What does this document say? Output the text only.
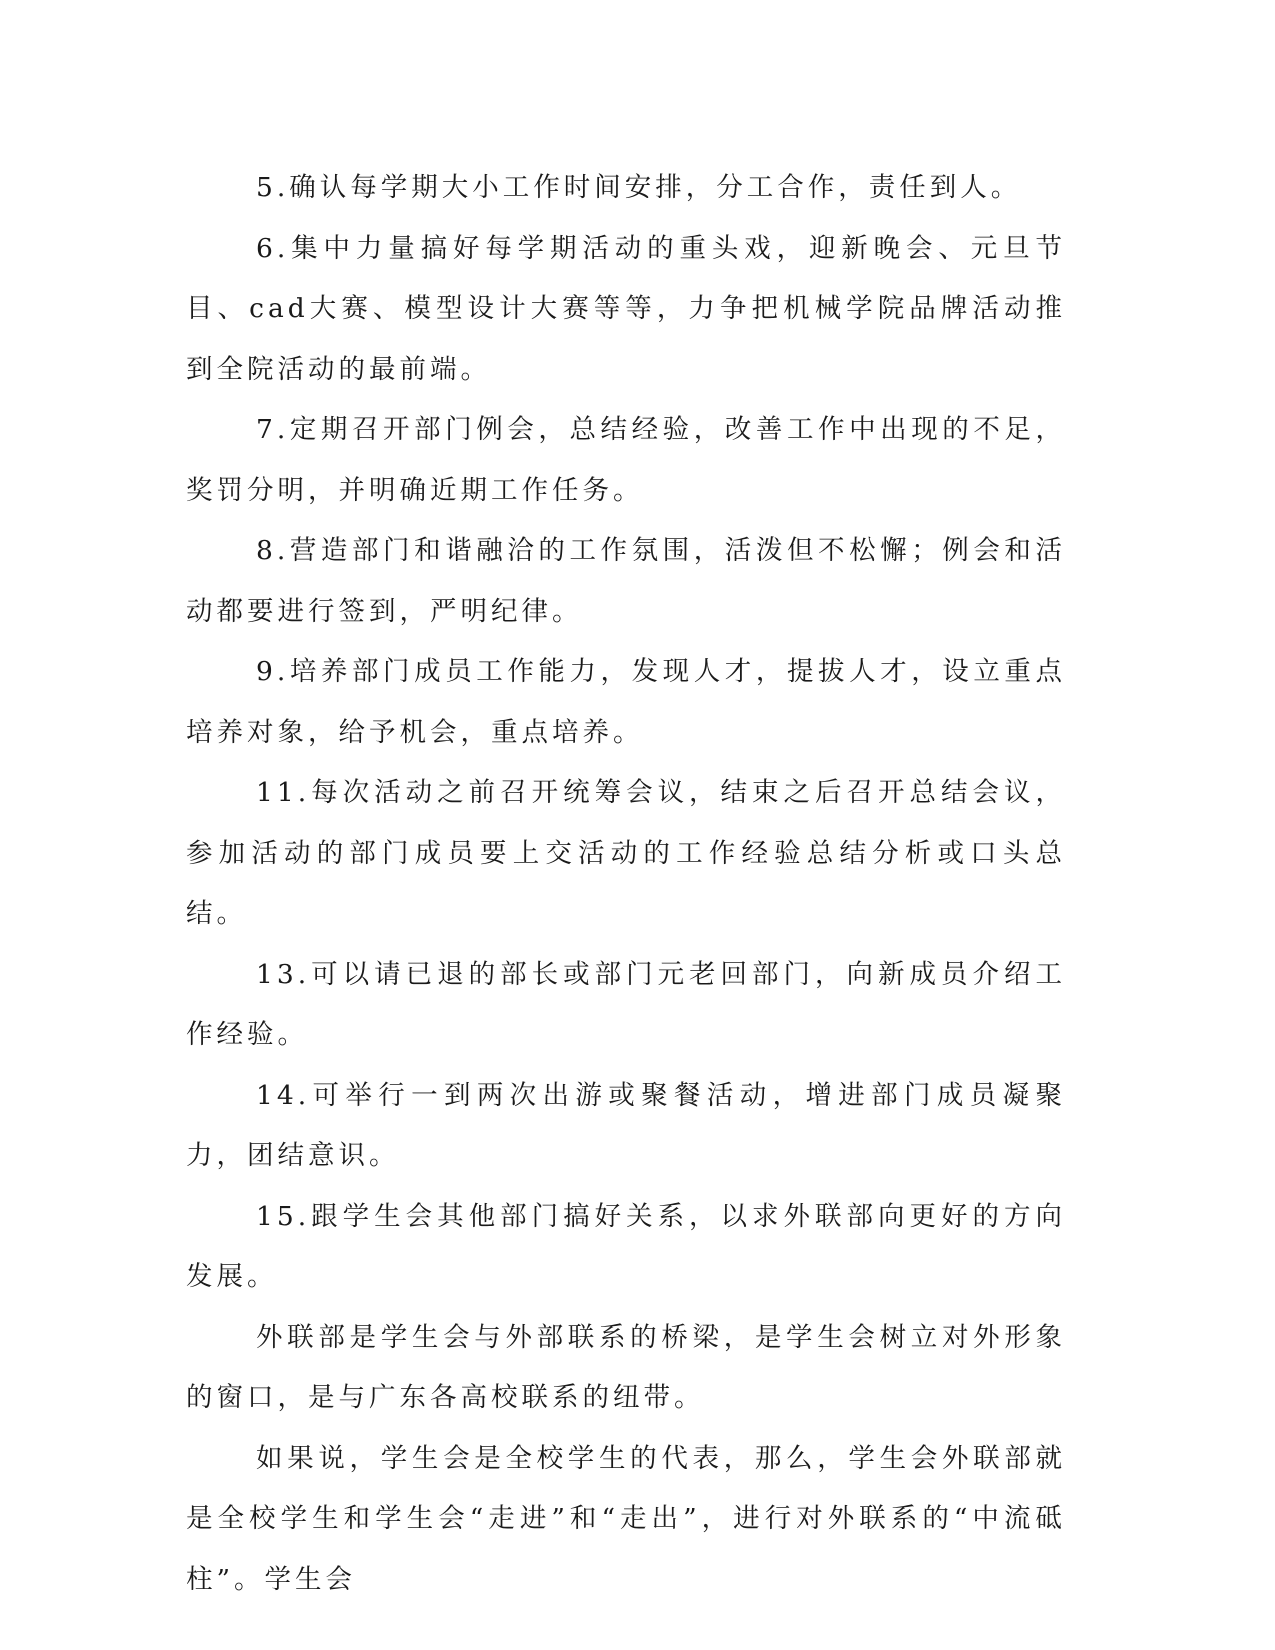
5.确认每学期大小工作时间安排，分工合作，责任到人。

6.集中力量搞好每学期活动的重头戏，迎新晚会、元旦节目、cad大赛、模型设计大赛等等，力争把机械学院品牌活动推到全院活动的最前端。

7.定期召开部门例会，总结经验，改善工作中出现的不足，奖罚分明，并明确近期工作任务。

8.营造部门和谐融洽的工作氛围，活泼但不松懈；例会和活动都要进行签到，严明纪律。

9.培养部门成员工作能力，发现人才，提拔人才，设立重点培养对象，给予机会，重点培养。

11.每次活动之前召开统筹会议，结束之后召开总结会议，参加活动的部门成员要上交活动的工作经验总结分析或口头总结。

13.可以请已退的部长或部门元老回部门，向新成员介绍工作经验。

14.可举行一到两次出游或聚餐活动，增进部门成员凝聚力，团结意识。

15.跟学生会其他部门搞好关系，以求外联部向更好的方向发展。

外联部是学生会与外部联系的桥梁，是学生会树立对外形象的窗口，是与广东各高校联系的纽带。

如果说，学生会是全校学生的代表，那么，学生会外联部就是全校学生和学生会“走进”和“走出”，进行对外联系的“中流砥柱”。学生会
